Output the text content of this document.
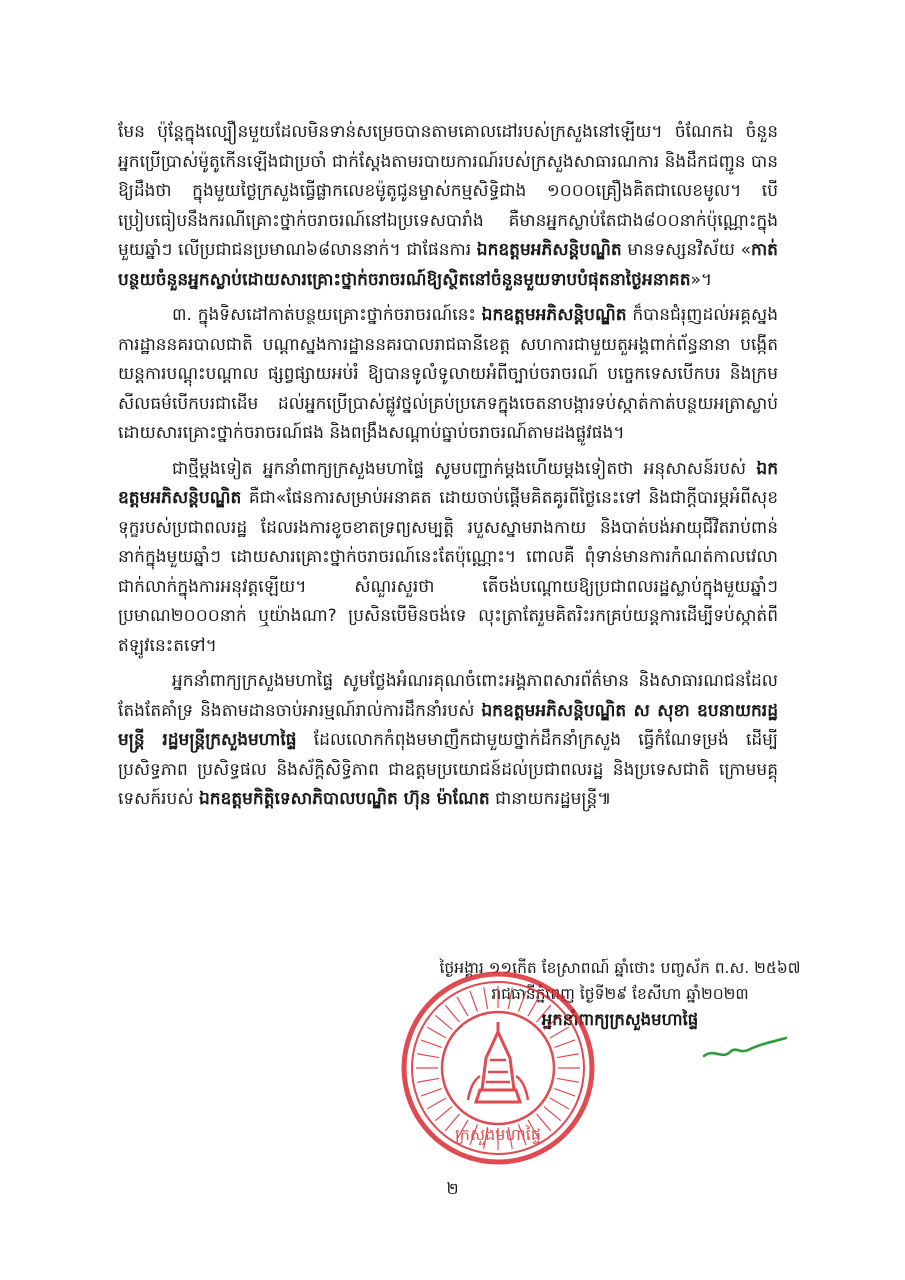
មែន ប៉ុន្តែក្នុងល្បឿនមួយដែលមិនទាន់សម្រេចបានតាមគោលដៅរបស់ក្រសួងនៅឡើយ។ ចំណែកឯ ចំនួនអ្នកប្រើប្រាស់ម៉ូតូកើនឡើងជាប្រចាំ ជាក់ស្តែងតាមរបាយការណ៍របស់ក្រសួងសាធារណការ និងដឹកជញ្ជូន បានឱ្យដឹងថា ក្នុងមួយថ្ងៃក្រសួងធ្វើផ្លាកលេខម៉ូតូជូនម្ចាស់កម្មសិទ្ធិជាង ១០០០គ្រឿងគិតជាលេខមូល។ បើប្រៀបធៀបនឹងករណីគ្រោះថ្នាក់ចរាចរណ៍នៅឯប្រទេសបារាំង គឺមានអ្នកស្លាប់តែជាង៨០០នាក់ប៉ុណ្ណោះក្នុងមួយឆ្នាំៗ លើប្រជាជនប្រមាណ៦៨លាននាក់។ ជាផែនការ ឯកឧត្តមអភិសន្តិបណ្ឌិត មានទស្សនវិស័យ «កាត់បន្ថយចំនួនអ្នកស្លាប់ដោយសារគ្រោះថ្នាក់ចរាចរណ៍ឱ្យស្ថិតនៅចំនួនមួយទាបបំផុតនាថ្ងៃអនាគត»។

៣. ក្នុងទិសដៅកាត់បន្ថយគ្រោះថ្នាក់ចរាចរណ៍នេះ ឯកឧត្តមអភិសន្តិបណ្ឌិត ក៏បានជំរុញដល់អគ្គស្នងការដ្ឋាននគរបាលជាតិ បណ្តាស្នងការដ្ឋាននគរបាលរាជធានីខេត្ត សហការជាមួយតួអង្គពាក់ព័ន្ធនានា បង្កើតយន្តការបណ្តុះបណ្តាល ផ្សព្វផ្សាយអប់រំ ឱ្យបានទូលំទូលាយអំពីច្បាប់ចរាចរណ៍ បច្ចេកទេសបើកបរ និងក្រមសីលធម៌បើកបរជាដើម ដល់អ្នកប្រើប្រាស់ផ្លូវថ្នល់គ្រប់ប្រភេទក្នុងចេតនាបង្ការទប់ស្កាត់កាត់បន្ថយអត្រាស្លាប់ដោយសារគ្រោះថ្នាក់ចរាចរណ៍ផង និងពង្រឹងសណ្តាប់ធ្នាប់ចរាចរណ៍តាមដងផ្លូវផង។

ជាថ្មីម្តងទៀត អ្នកនាំពាក្យក្រសួងមហាផ្ទៃ សូមបញ្ជាក់ម្តងហើយម្តងទៀតថា អនុសាសន៍របស់ ឯកឧត្តមអភិសន្តិបណ្ឌិត គឺជា«ផែនការសម្រាប់អនាគត ដោយចាប់ផ្តើមគិតគូរពីថ្ងៃនេះទៅ និងជាក្តីបារម្ភអំពីសុខទុក្ខរបស់ប្រជាពលរដ្ឋ ដែលរងការខូចខាតទ្រព្យសម្បត្តិ របួសស្នាមរាងកាយ និងបាត់បង់អាយុជីវិតរាប់ពាន់នាក់ក្នុងមួយឆ្នាំៗ ដោយសារគ្រោះថ្នាក់ចរាចរណ៍នេះតែប៉ុណ្ណោះ។ ពោលគឺ ពុំទាន់មានការកំណត់កាលវេលាជាក់លាក់ក្នុងការអនុវត្តឡើយ។ សំណួរសួរថា តើចង់បណ្តោយឱ្យប្រជាពលរដ្ឋស្លាប់ក្នុងមួយឆ្នាំៗប្រមាណ២០០០នាក់ ឬយ៉ាងណា? ប្រសិនបើមិនចង់ទេ លុះត្រាតែរួមគិតរិះរកគ្រប់យន្តការដើម្បីទប់ស្កាត់ពីឥឡូវនេះតទៅ។

អ្នកនាំពាក្យក្រសួងមហាផ្ទៃ សូមថ្លែងអំណរគុណចំពោះអង្គភាពសារព័ត៌មាន និងសាធារណជនដែលតែងតែគាំទ្រ និងតាមដានចាប់អារម្មណ៍រាល់ការដឹកនាំរបស់ ឯកឧត្តមអភិសន្តិបណ្ឌិត ស សុខា ឧបនាយករដ្ឋមន្ត្រី រដ្ឋមន្ត្រីក្រសួងមហាផ្ទៃ ដែលលោកកំពុងមមាញឹកជាមួយថ្នាក់ដឹកនាំក្រសួង ធ្វើកំណែទម្រង់ ដើម្បីប្រសិទ្ធភាព ប្រសិទ្ធផល និងស័ក្តិសិទ្ធិភាព ជាឧត្តមប្រយោជន៍ដល់ប្រជាពលរដ្ឋ និងប្រទេសជាតិ ក្រោមមគ្គុទេសក៍របស់ ឯកឧត្តមកិត្តិទេសាភិបាលបណ្ឌិត ហ៊ុន ម៉ាណែត ជានាយករដ្ឋមន្ត្រី៕

ថ្ងៃអង្គារ ១១កើត ខែស្រាពណ៍ ឆ្នាំថោះ បញ្ចស័ក ព.ស. ២៥៦៧
រាជធានីភ្នំពេញ ថ្ងៃទី២៩ ខែសីហា ឆ្នាំ២០២៣
អ្នកនាំពាក្យក្រសួងមហាផ្ទៃ
ក្រសួងមហាផ្ទៃ
២
